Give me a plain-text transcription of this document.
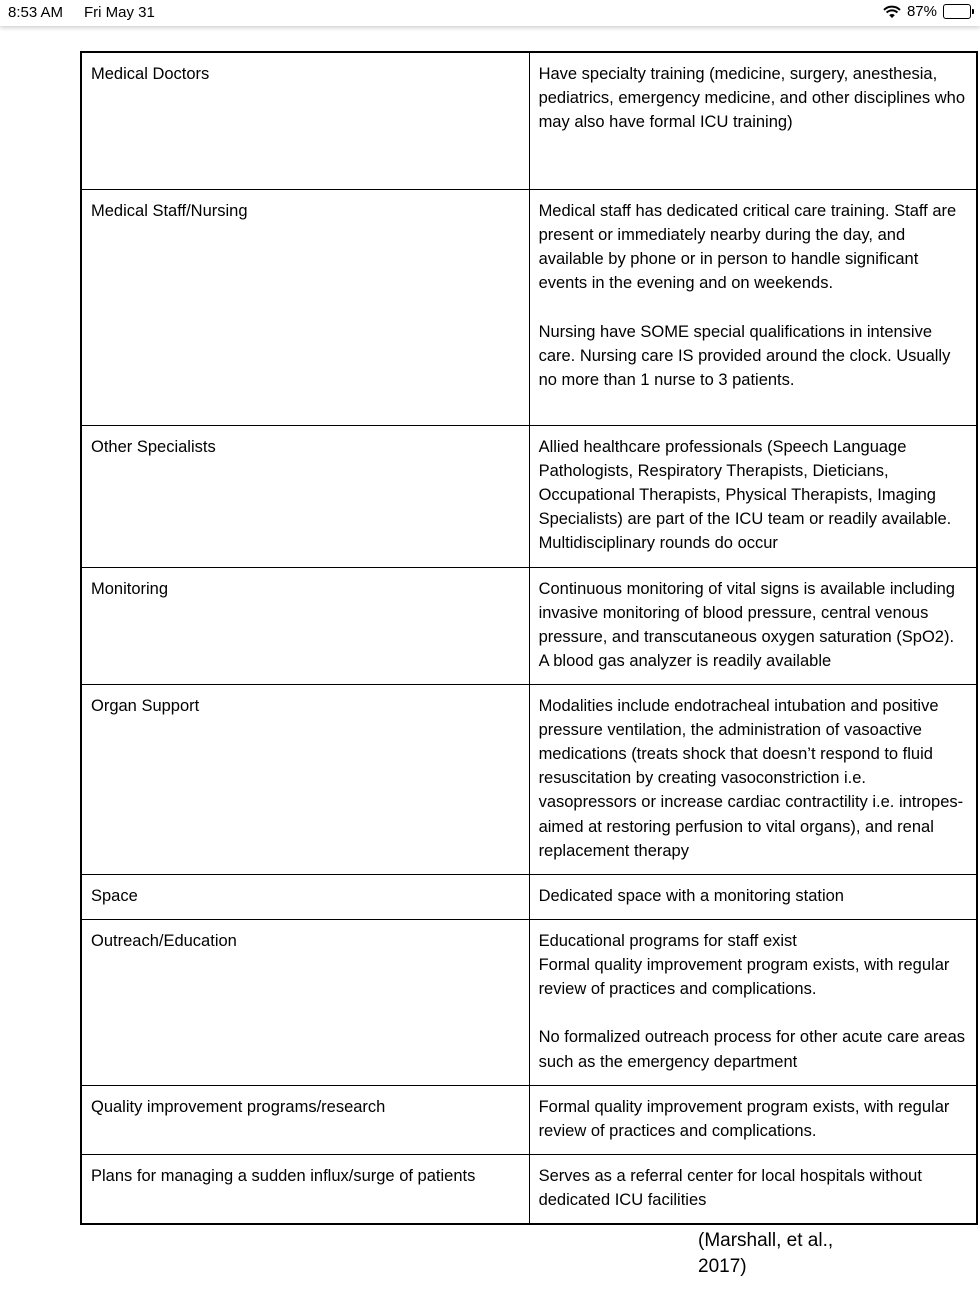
8:53 AM Fri May 31	87%
Medical Doctors	Have specialty training (medicine, surgery, anesthesia, pediatrics, emergency medicine, and other disciplines who may also have formal ICU training)
Medical Staff/Nursing	Medical staff has dedicated critical care training. Staff are present or immediately nearby during the day, and available by phone or in person to handle significant events in the evening and on weekends.

Nursing have SOME special qualifications in intensive care. Nursing care IS provided around the clock. Usually no more than 1 nurse to 3 patients.
Other Specialists	Allied healthcare professionals (Speech Language Pathologists, Respiratory Therapists, Dieticians, Occupational Therapists, Physical Therapists, Imaging Specialists) are part of the ICU team or readily available. Multidisciplinary rounds do occur
Monitoring	Continuous monitoring of vital signs is available including invasive monitoring of blood pressure, central venous pressure, and transcutaneous oxygen saturation (SpO2). A blood gas analyzer is readily available
Organ Support	Modalities include endotracheal intubation and positive pressure ventilation, the administration of vasoactive medications (treats shock that doesn’t respond to fluid resuscitation by creating vasoconstriction i.e. vasopressors or increase cardiac contractility i.e. intropes- aimed at restoring perfusion to vital organs), and renal replacement therapy
Space	Dedicated space with a monitoring station
Outreach/Education	Educational programs for staff exist
Formal quality improvement program exists, with regular review of practices and complications.

No formalized outreach process for other acute care areas such as the emergency department
Quality improvement programs/research	Formal quality improvement program exists, with regular review of practices and complications.
Plans for managing a sudden influx/surge of patients	Serves as a referral center for local hospitals without dedicated ICU facilities
(Marshall, et al.,
2017)
